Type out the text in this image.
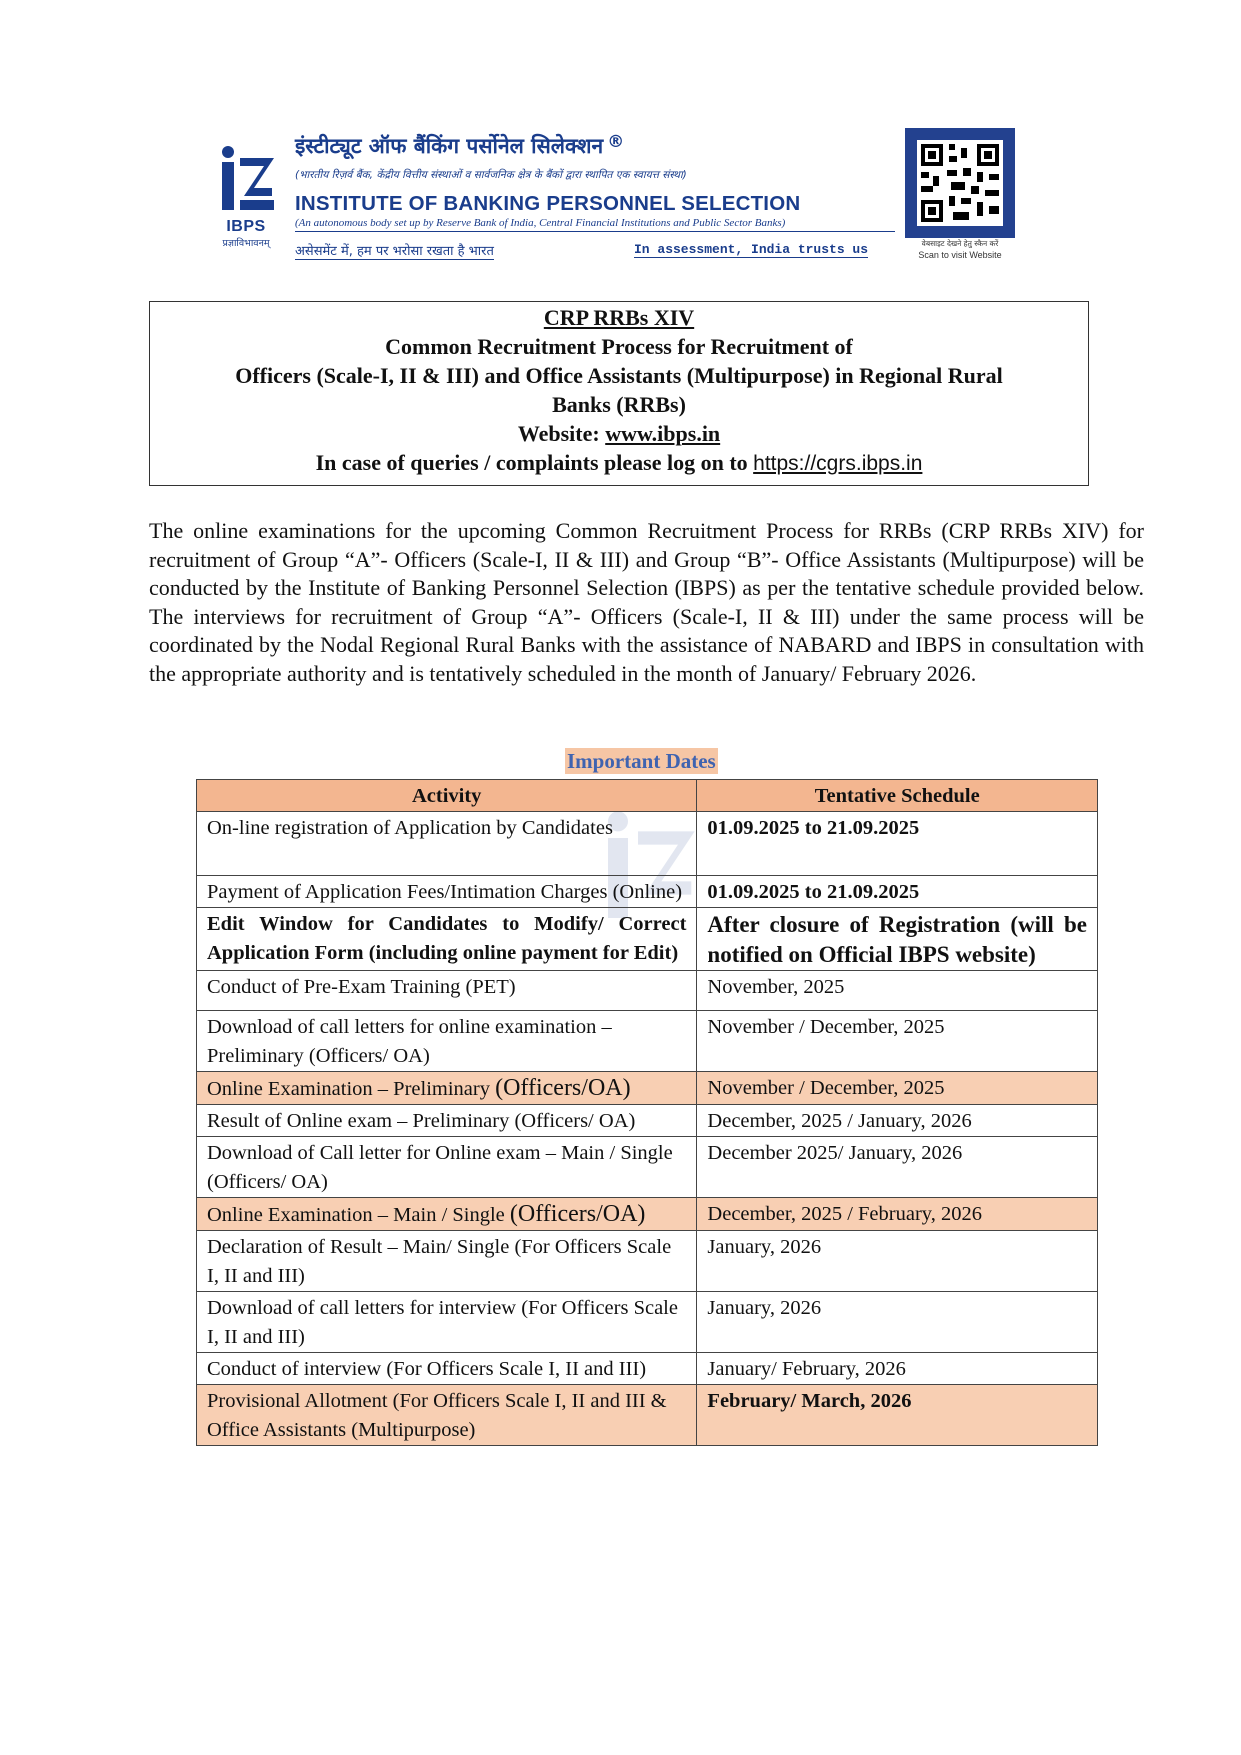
IBPS
प्रज्ञाविभावनम्
इंस्टीट्यूट ऑफ बैंकिंग पर्सोनेल सिलेक्शन ®
(भारतीय रिज़र्व बैंक, केंद्रीय वित्तीय संस्थाओं व सार्वजनिक क्षेत्र के बैंकों द्वारा स्थापित एक स्वायत्त संस्था)
INSTITUTE OF BANKING PERSONNEL SELECTION
(An autonomous body set up by Reserve Bank of India, Central Financial Institutions and Public Sector Banks)
असेसमेंट में, हम पर भरोसा रखता है भारत	In assessment, India trusts us	वेबसाइट देखने हेतु स्कैन करें
Scan to visit Website
CRP RRBs XIV
Common Recruitment Process for Recruitment of
Officers (Scale-I, II & III) and Office Assistants (Multipurpose) in Regional Rural
Banks (RRBs)
Website: www.ibps.in
In case of queries / complaints please log on to https://cgrs.ibps.in
The online examinations for the upcoming Common Recruitment Process for RRBs (CRP RRBs XIV) for recruitment of Group “A”- Officers (Scale-I, II & III) and Group “B”- Office Assistants (Multipurpose) will be conducted by the Institute of Banking Personnel Selection (IBPS) as per the tentative schedule provided below. The interviews for recruitment of Group “A”- Officers (Scale-I, II & III) under the same process will be coordinated by the Nodal Regional Rural Banks with the assistance of NABARD and IBPS in consultation with the appropriate authority and is tentatively scheduled in the month of January/ February 2026.
Important Dates
Activity	Tentative Schedule
On-line registration of Application by Candidates	01.09.2025 to 21.09.2025
Payment of Application Fees/Intimation Charges (Online)	01.09.2025 to 21.09.2025
Edit Window for Candidates to Modify/ Correct Application Form (including online payment for Edit)	After closure of Registration (will be notified on Official IBPS website)
Conduct of Pre-Exam Training (PET)	November, 2025
Download of call letters for online examination – Preliminary (Officers/ OA)	November / December, 2025
Online Examination – Preliminary (Officers/OA)	November / December, 2025
Result of Online exam – Preliminary (Officers/ OA)	December, 2025 / January, 2026
Download of Call letter for Online exam – Main / Single (Officers/ OA)	December 2025/ January, 2026
Online Examination – Main / Single (Officers/OA)	December, 2025 / February, 2026
Declaration of Result – Main/ Single (For Officers Scale I, II and III)	January, 2026
Download of call letters for interview (For Officers Scale I, II and III)	January, 2026
Conduct of interview (For Officers Scale I, II and III)	January/ February, 2026
Provisional Allotment (For Officers Scale I, II and III & Office Assistants (Multipurpose)	February/ March, 2026
